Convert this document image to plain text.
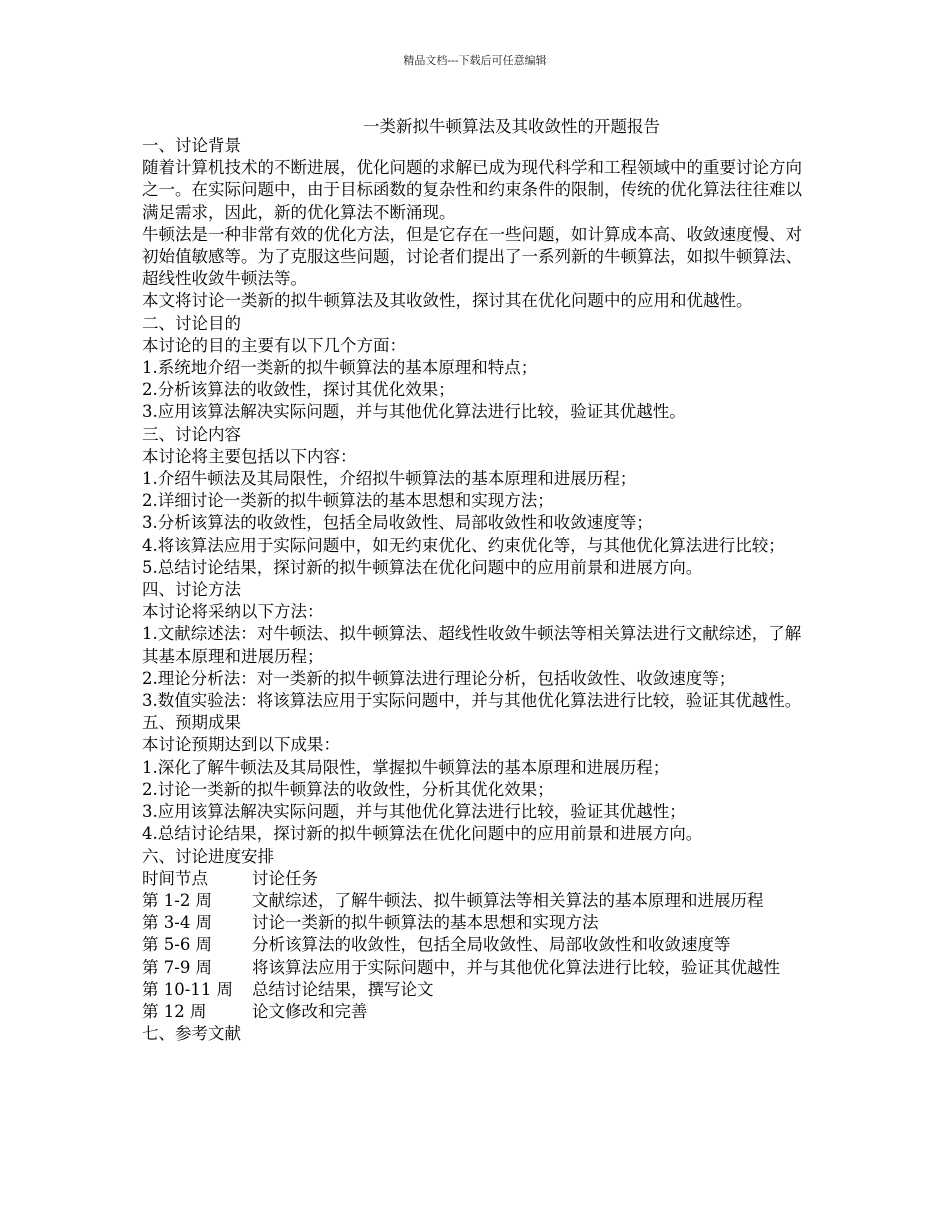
精品文档---下载后可任意编辑
一类新拟牛顿算法及其收敛性的开题报告
一、讨论背景
随着计算机技术的不断进展，优化问题的求解已成为现代科学和工程领域中的重要讨论方向之一。在实际问题中，由于目标函数的复杂性和约束条件的限制，传统的优化算法往往难以满足需求，因此，新的优化算法不断涌现。
牛顿法是一种非常有效的优化方法，但是它存在一些问题，如计算成本高、收敛速度慢、对初始值敏感等。为了克服这些问题，讨论者们提出了一系列新的牛顿算法，如拟牛顿算法、超线性收敛牛顿法等。
本文将讨论一类新的拟牛顿算法及其收敛性，探讨其在优化问题中的应用和优越性。
二、讨论目的
本讨论的目的主要有以下几个方面：
1.系统地介绍一类新的拟牛顿算法的基本原理和特点；
2.分析该算法的收敛性，探讨其优化效果；
3.应用该算法解决实际问题，并与其他优化算法进行比较，验证其优越性。
三、讨论内容
本讨论将主要包括以下内容：
1.介绍牛顿法及其局限性，介绍拟牛顿算法的基本原理和进展历程；
2.详细讨论一类新的拟牛顿算法的基本思想和实现方法；
3.分析该算法的收敛性，包括全局收敛性、局部收敛性和收敛速度等；
4.将该算法应用于实际问题中，如无约束优化、约束优化等，与其他优化算法进行比较；
5.总结讨论结果，探讨新的拟牛顿算法在优化问题中的应用前景和进展方向。
四、讨论方法
本讨论将采纳以下方法：
1.文献综述法：对牛顿法、拟牛顿算法、超线性收敛牛顿法等相关算法进行文献综述，了解其基本原理和进展历程；
2.理论分析法：对一类新的拟牛顿算法进行理论分析，包括收敛性、收敛速度等；
3.数值实验法：将该算法应用于实际问题中，并与其他优化算法进行比较，验证其优越性。
五、预期成果
本讨论预期达到以下成果：
1.深化了解牛顿法及其局限性，掌握拟牛顿算法的基本原理和进展历程；
2.讨论一类新的拟牛顿算法的收敛性，分析其优化效果；
3.应用该算法解决实际问题，并与其他优化算法进行比较，验证其优越性；
4.总结讨论结果，探讨新的拟牛顿算法在优化问题中的应用前景和进展方向。
六、讨论进度安排
时间节点	讨论任务
第 1-2 周 文献综述，了解牛顿法、拟牛顿算法等相关算法的基本原理和进展历程
第 3-4 周 讨论一类新的拟牛顿算法的基本思想和实现方法
第 5-6 周 分析该算法的收敛性，包括全局收敛性、局部收敛性和收敛速度等
第 7-9 周 将该算法应用于实际问题中，并与其他优化算法进行比较，验证其优越性
第 10-11 周 总结讨论结果，撰写论文
第 12 周	论文修改和完善
七、参考文献
